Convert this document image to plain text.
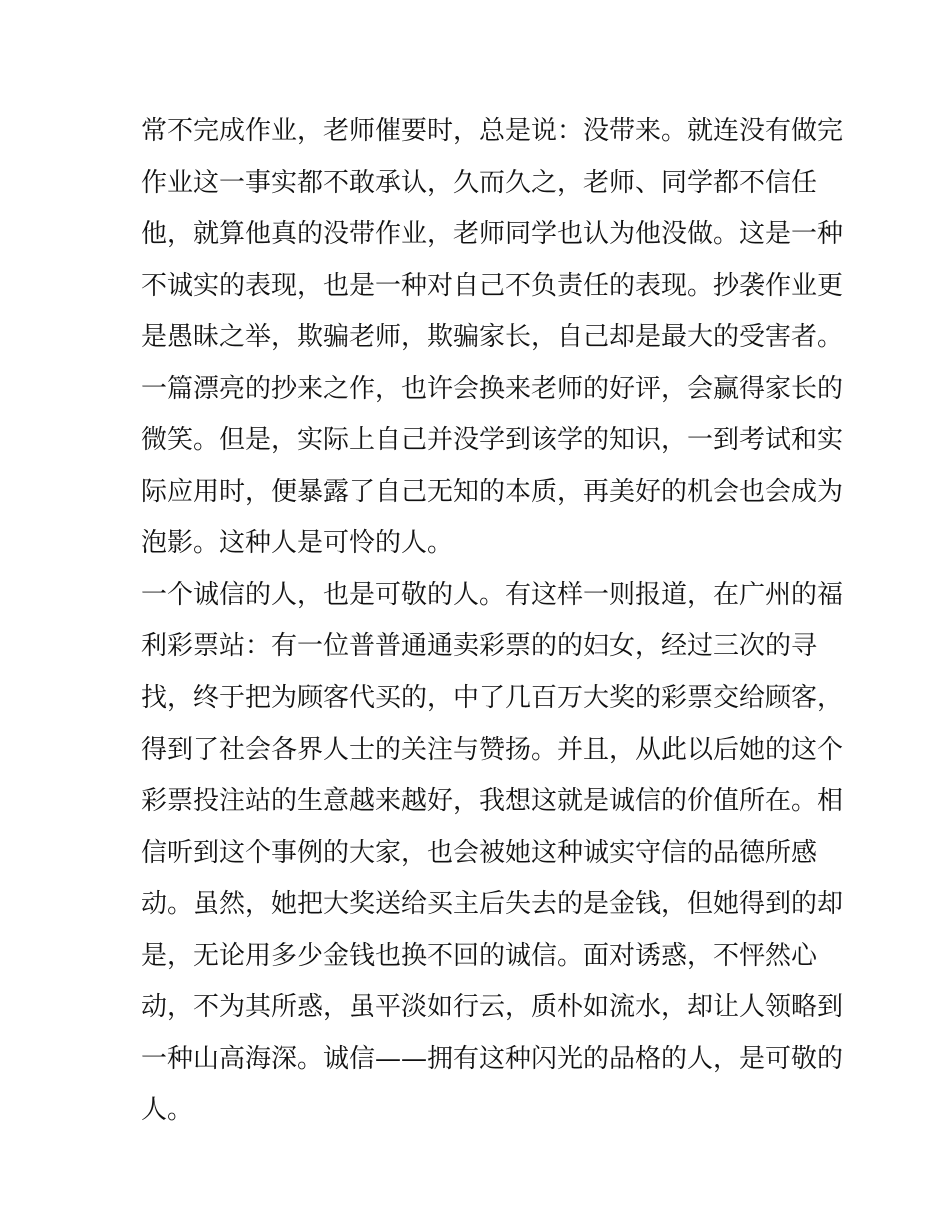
常不完成作业，老师催要时，总是说：没带来。就连没有做完
作业这一事实都不敢承认，久而久之，老师、同学都不信任
他，就算他真的没带作业，老师同学也认为他没做。这是一种
不诚实的表现，也是一种对自己不负责任的表现。抄袭作业更
是愚昧之举，欺骗老师，欺骗家长，自己却是最大的受害者。
一篇漂亮的抄来之作，也许会换来老师的好评，会赢得家长的
微笑。但是，实际上自己并没学到该学的知识，一到考试和实
际应用时，便暴露了自己无知的本质，再美好的机会也会成为
泡影。这种人是可怜的人。
一个诚信的人，也是可敬的人。有这样一则报道，在广州的福
利彩票站：有一位普普通通卖彩票的的妇女，经过三次的寻
找，终于把为顾客代买的，中了几百万大奖的彩票交给顾客，
得到了社会各界人士的关注与赞扬。并且，从此以后她的这个
彩票投注站的生意越来越好，我想这就是诚信的价值所在。相
信听到这个事例的大家，也会被她这种诚实守信的品德所感
动。虽然，她把大奖送给买主后失去的是金钱，但她得到的却
是，无论用多少金钱也换不回的诚信。面对诱惑，不怦然心
动，不为其所惑，虽平淡如行云，质朴如流水，却让人领略到
一种山高海深。诚信——拥有这种闪光的品格的人，是可敬的
人。
